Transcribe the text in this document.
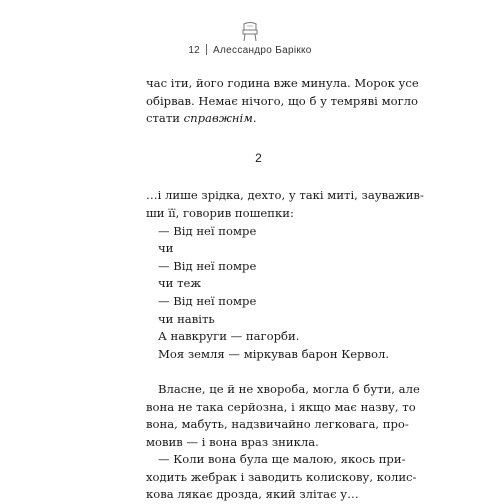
12 Алессандро Барікко
час іти, його година вже минула. Морок усе
обірвав. Немає нічого, що б у темряві могло
стати справжнім.
2
…і лише зрідка, дехто, у такі миті, зауважив-
ши її, говорив пошепки:
— Від неї помре
чи
— Від неї помре
чи теж
— Від неї помре
чи навіть
А навкруги — пагорби.
Моя земля — міркував барон Кервол.
Власне, це й не хвороба, могла б бути, але
вона не така серйозна, і якщо має назву, то
вона, мабуть, надзвичайно легковага, про-
мовив — і вона враз зникла.
— Коли вона була ще малою, якось при-
ходить жебрак і заводить колискову, колис-
кова лякає дрозда, який злітає у…
